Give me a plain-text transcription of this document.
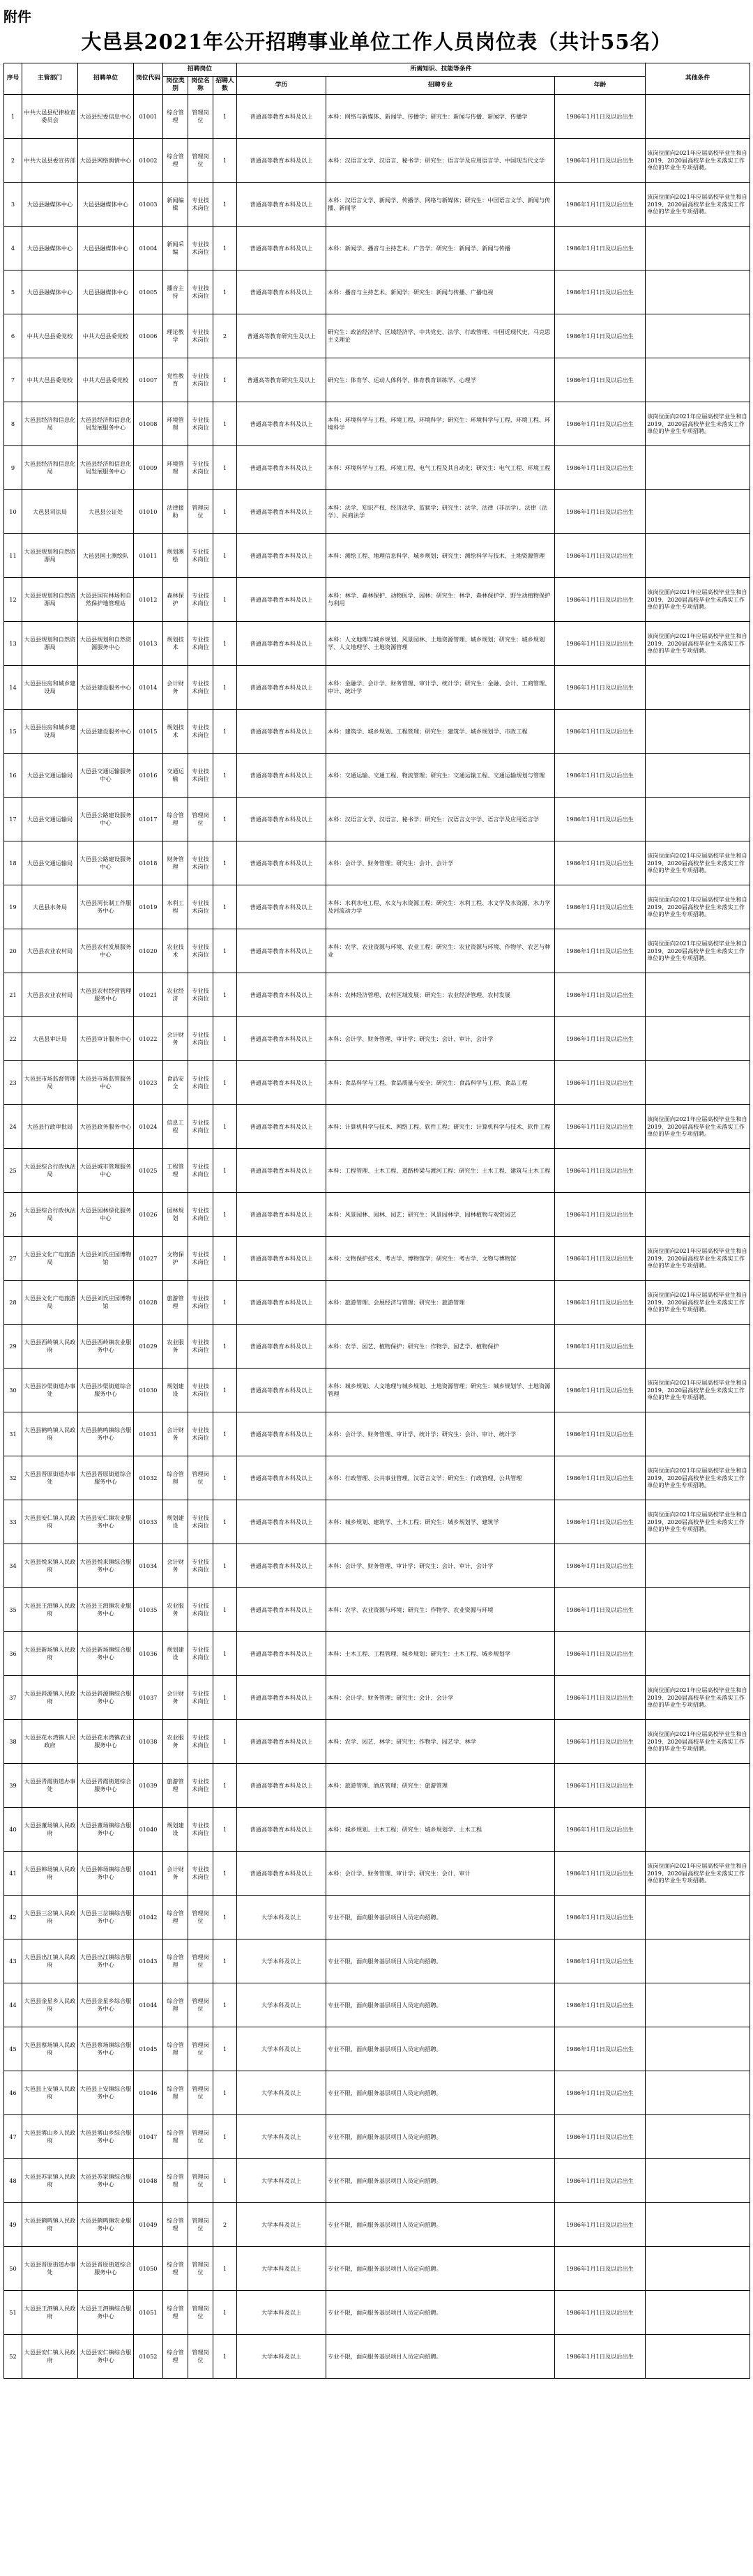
附件
大邑县2021年公开招聘事业单位工作人员岗位表（共计55名）
序号	主管部门	招聘单位	岗位代码	招聘岗位			所需知识、技能等条件			其他条件
				岗位类别	岗位名称	招聘人数	学历	招聘专业	年龄	
1	中共大邑县纪律检查委员会	大邑县纪委信息中心	01001	综合管理	管理岗位	1	普通高等教育本科及以上	本科：网络与新媒体、新闻学、传播学；研究生：新闻与传播、新闻学、传播学	1986年1月1日及以后出生	
2	中共大邑县委宣传部	大邑县网络舆情中心	01002	综合管理	管理岗位	1	普通高等教育本科及以上	本科：汉语言文学、汉语言、秘书学；研究生：语言学及应用语言学、中国现当代文学	1986年1月1日及以后出生	该岗位面向2021年应届高校毕业生和自2019、2020届高校毕业生未落实工作单位的毕业生专项招聘。
3	大邑县融媒体中心	大邑县融媒体中心	01003	新闻编辑	专业技术岗位	1	普通高等教育本科及以上	本科：汉语言文学、新闻学、传播学、网络与新媒体；研究生：中国语言文学、新闻与传播、新闻学	1986年1月1日及以后出生	该岗位面向2021年应届高校毕业生和自2019、2020届高校毕业生未落实工作单位的毕业生专项招聘。
4	大邑县融媒体中心	大邑县融媒体中心	01004	新闻采编	专业技术岗位	1	普通高等教育本科及以上	本科：新闻学、播音与主持艺术、广告学；研究生：新闻学、新闻与传播	1986年1月1日及以后出生	
5	大邑县融媒体中心	大邑县融媒体中心	01005	播音主持	专业技术岗位	1	普通高等教育本科及以上	本科：播音与主持艺术、新闻学；研究生：新闻与传播、广播电视	1986年1月1日及以后出生	
6	中共大邑县委党校	中共大邑县委党校	01006	理论教学	专业技术岗位	2	普通高等教育研究生及以上	研究生：政治经济学、区域经济学、中共党史、法学、行政管理、中国近现代史、马克思主义理论	1986年1月1日及以后出生	
7	中共大邑县委党校	中共大邑县委党校	01007	党性教育	专业技术岗位	1	普通高等教育研究生及以上	研究生：体育学、运动人体科学、体育教育训练学、心理学	1986年1月1日及以后出生	
8	大邑县经济和信息化局	大邑县经济和信息化局发展服务中心	01008	环境管理	专业技术岗位	1	普通高等教育本科及以上	本科：环境科学与工程、环境工程、环境科学；研究生：环境科学与工程、环境工程、环境科学	1986年1月1日及以后出生	该岗位面向2021年应届高校毕业生和自2019、2020届高校毕业生未落实工作单位的毕业生专项招聘。
9	大邑县经济和信息化局	大邑县经济和信息化局发展服务中心	01009	环境管理	专业技术岗位	1	普通高等教育本科及以上	本科：环境科学与工程、环境工程、电气工程及其自动化；研究生：电气工程、环境工程	1986年1月1日及以后出生	
10	大邑县司法局	大邑县公证处	01010	法律援助	管理岗位	1	普通高等教育本科及以上	本科：法学、知识产权、经济法学、监狱学；研究生：法学、法律（非法学）、法律（法学）、民商法学	1986年1月1日及以后出生	
11	大邑县规划和自然资源局	大邑县国土测绘队	01011	规划测绘	专业技术岗位	1	普通高等教育本科及以上	本科：测绘工程、地理信息科学、城乡规划；研究生：测绘科学与技术、土地资源管理	1986年1月1日及以后出生	
12	大邑县规划和自然资源局	大邑县国有林场和自然保护地管理站	01012	森林保护	专业技术岗位	1	普通高等教育本科及以上	本科：林学、森林保护、动物医学、园林；研究生：林学、森林保护学、野生动植物保护与利用	1986年1月1日及以后出生	该岗位面向2021年应届高校毕业生和自2019、2020届高校毕业生未落实工作单位的毕业生专项招聘。
13	大邑县规划和自然资源局	大邑县规划和自然资源服务中心	01013	规划技术	专业技术岗位	1	普通高等教育本科及以上	本科：人文地理与城乡规划、风景园林、土地资源管理、城乡规划；研究生：城乡规划学、人文地理学、土地资源管理	1986年1月1日及以后出生	该岗位面向2021年应届高校毕业生和自2019、2020届高校毕业生未落实工作单位的毕业生专项招聘。
14	大邑县住房和城乡建设局	大邑县建设服务中心	01014	会计财务	专业技术岗位	1	普通高等教育本科及以上	本科：金融学、会计学、财务管理、审计学、统计学；研究生：金融、会计、工商管理、审计、统计学	1986年1月1日及以后出生	
15	大邑县住房和城乡建设局	大邑县建设服务中心	01015	规划技术	专业技术岗位	1	普通高等教育本科及以上	本科：建筑学、城乡规划、工程管理；研究生：建筑学、城乡规划学、市政工程	1986年1月1日及以后出生	
16	大邑县交通运输局	大邑县交通运输服务中心	01016	交通运输	专业技术岗位	1	普通高等教育本科及以上	本科：交通运输、交通工程、物流管理；研究生：交通运输工程、交通运输规划与管理	1986年1月1日及以后出生	
17	大邑县交通运输局	大邑县公路建设服务中心	01017	综合管理	管理岗位	1	普通高等教育本科及以上	本科：汉语言文学、汉语言、秘书学；研究生：汉语言文字学、语言学及应用语言学	1986年1月1日及以后出生	
18	大邑县交通运输局	大邑县公路建设服务中心	01018	财务管理	专业技术岗位	1	普通高等教育本科及以上	本科：会计学、财务管理；研究生：会计、会计学	1986年1月1日及以后出生	该岗位面向2021年应届高校毕业生和自2019、2020届高校毕业生未落实工作单位的毕业生专项招聘。
19	大邑县水务局	大邑县河长制工作服务中心	01019	水利工程	专业技术岗位	1	普通高等教育本科及以上	本科：水利水电工程、水文与水资源工程；研究生：水利工程、水文学及水资源、水力学及河流动力学	1986年1月1日及以后出生	该岗位面向2021年应届高校毕业生和自2019、2020届高校毕业生未落实工作单位的毕业生专项招聘。
20	大邑县农业农村局	大邑县农村发展服务中心	01020	农业技术	专业技术岗位	1	普通高等教育本科及以上	本科：农学、农业资源与环境、农业工程；研究生：农业资源与环境、作物学、农艺与种业	1986年1月1日及以后出生	该岗位面向2021年应届高校毕业生和自2019、2020届高校毕业生未落实工作单位的毕业生专项招聘。
21	大邑县农业农村局	大邑县农村经营管理服务中心	01021	农业经济	专业技术岗位	1	普通高等教育本科及以上	本科：农林经济管理、农村区域发展；研究生：农业经济管理、农村发展	1986年1月1日及以后出生	
22	大邑县审计局	大邑县审计服务中心	01022	会计财务	专业技术岗位	1	普通高等教育本科及以上	本科：会计学、财务管理、审计学；研究生：会计、审计、会计学	1986年1月1日及以后出生	
23	大邑县市场监督管理局	大邑县市场监管服务中心	01023	食品安全	专业技术岗位	1	普通高等教育本科及以上	本科：食品科学与工程、食品质量与安全；研究生：食品科学与工程、食品工程	1986年1月1日及以后出生	
24	大邑县行政审批局	大邑县政务服务中心	01024	信息工程	专业技术岗位	1	普通高等教育本科及以上	本科：计算机科学与技术、网络工程、软件工程；研究生：计算机科学与技术、软件工程	1986年1月1日及以后出生	该岗位面向2021年应届高校毕业生和自2019、2020届高校毕业生未落实工作单位的毕业生专项招聘。
25	大邑县综合行政执法局	大邑县城市管理服务中心	01025	工程管理	专业技术岗位	1	普通高等教育本科及以上	本科：工程管理、土木工程、道路桥梁与渡河工程；研究生：土木工程、建筑与土木工程	1986年1月1日及以后出生	
26	大邑县综合行政执法局	大邑县园林绿化服务中心	01026	园林规划	专业技术岗位	1	普通高等教育本科及以上	本科：风景园林、园林、园艺；研究生：风景园林学、园林植物与观赏园艺	1986年1月1日及以后出生	
27	大邑县文化广电旅游局	大邑县刘氏庄园博物馆	01027	文物保护	专业技术岗位	1	普通高等教育本科及以上	本科：文物保护技术、考古学、博物馆学；研究生：考古学、文物与博物馆	1986年1月1日及以后出生	该岗位面向2021年应届高校毕业生和自2019、2020届高校毕业生未落实工作单位的毕业生专项招聘。
28	大邑县文化广电旅游局	大邑县刘氏庄园博物馆	01028	旅游管理	专业技术岗位	1	普通高等教育本科及以上	本科：旅游管理、会展经济与管理；研究生：旅游管理	1986年1月1日及以后出生	该岗位面向2021年应届高校毕业生和自2019、2020届高校毕业生未落实工作单位的毕业生专项招聘。
29	大邑县西岭镇人民政府	大邑县西岭镇农业服务中心	01029	农业服务	专业技术岗位	1	普通高等教育本科及以上	本科：农学、园艺、植物保护；研究生：作物学、园艺学、植物保护	1986年1月1日及以后出生	
30	大邑县沙渠街道办事处	大邑县沙渠街道综合服务中心	01030	规划建设	专业技术岗位	1	普通高等教育本科及以上	本科：城乡规划、人文地理与城乡规划、土地资源管理；研究生：城乡规划学、土地资源管理	1986年1月1日及以后出生	该岗位面向2021年应届高校毕业生和自2019、2020届高校毕业生未落实工作单位的毕业生专项招聘。
31	大邑县鹤鸣镇人民政府	大邑县鹤鸣镇综合服务中心	01031	会计财务	专业技术岗位	1	普通高等教育本科及以上	本科：会计学、财务管理、审计学、统计学；研究生：会计、审计、统计学	1986年1月1日及以后出生	
32	大邑县晋原街道办事处	大邑县晋原街道综合服务中心	01032	综合管理	管理岗位	1	普通高等教育本科及以上	本科：行政管理、公共事业管理、汉语言文学；研究生：行政管理、公共管理	1986年1月1日及以后出生	该岗位面向2021年应届高校毕业生和自2019、2020届高校毕业生未落实工作单位的毕业生专项招聘。
33	大邑县安仁镇人民政府	大邑县安仁镇农业服务中心	01033	规划建设	专业技术岗位	1	普通高等教育本科及以上	本科：城乡规划、建筑学、土木工程；研究生：城乡规划学、建筑学	1986年1月1日及以后出生	该岗位面向2021年应届高校毕业生和自2019、2020届高校毕业生未落实工作单位的毕业生专项招聘。
34	大邑县悦来镇人民政府	大邑县悦来镇综合服务中心	01034	会计财务	专业技术岗位	1	普通高等教育本科及以上	本科：会计学、财务管理、审计学；研究生：会计、审计、会计学	1986年1月1日及以后出生	
35	大邑县王泗镇人民政府	大邑县王泗镇农业服务中心	01035	农业服务	专业技术岗位	1	普通高等教育本科及以上	本科：农学、农业资源与环境；研究生：作物学、农业资源与环境	1986年1月1日及以后出生	
36	大邑县新场镇人民政府	大邑县新场镇综合服务中心	01036	规划建设	专业技术岗位	1	普通高等教育本科及以上	本科：土木工程、工程管理、城乡规划；研究生：土木工程、城乡规划学	1986年1月1日及以后出生	
37	大邑县斜源镇人民政府	大邑县斜源镇综合服务中心	01037	会计财务	专业技术岗位	1	普通高等教育本科及以上	本科：会计学、财务管理；研究生：会计、会计学	1986年1月1日及以后出生	该岗位面向2021年应届高校毕业生和自2019、2020届高校毕业生未落实工作单位的毕业生专项招聘。
38	大邑县花水湾镇人民政府	大邑县花水湾镇农业服务中心	01038	农业服务	专业技术岗位	1	普通高等教育本科及以上	本科：农学、园艺、林学；研究生：作物学、园艺学、林学	1986年1月1日及以后出生	该岗位面向2021年应届高校毕业生和自2019、2020届高校毕业生未落实工作单位的毕业生专项招聘。
39	大邑县青霞街道办事处	大邑县青霞街道综合服务中心	01039	旅游管理	专业技术岗位	1	普通高等教育本科及以上	本科：旅游管理、酒店管理；研究生：旅游管理	1986年1月1日及以后出生	
40	大邑县董场镇人民政府	大邑县董场镇综合服务中心	01040	规划建设	专业技术岗位	1	普通高等教育本科及以上	本科：城乡规划、土木工程；研究生：城乡规划学、土木工程	1986年1月1日及以后出生	
41	大邑县韩场镇人民政府	大邑县韩场镇综合服务中心	01041	会计财务	专业技术岗位	1	普通高等教育本科及以上	本科：会计学、财务管理、审计学；研究生：会计、审计	1986年1月1日及以后出生	该岗位面向2021年应届高校毕业生和自2019、2020届高校毕业生未落实工作单位的毕业生专项招聘。
42	大邑县三岔镇人民政府	大邑县三岔镇综合服务中心	01042	综合管理	管理岗位	1	大学本科及以上	专业不限，面向服务基层项目人员定向招聘。	1986年1月1日及以后出生	
43	大邑县出江镇人民政府	大邑县出江镇综合服务中心	01043	综合管理	管理岗位	1	大学本科及以上	专业不限，面向服务基层项目人员定向招聘。	1986年1月1日及以后出生	
44	大邑县金星乡人民政府	大邑县金星乡综合服务中心	01044	综合管理	管理岗位	1	大学本科及以上	专业不限，面向服务基层项目人员定向招聘。	1986年1月1日及以后出生	
45	大邑县蔡场镇人民政府	大邑县蔡场镇综合服务中心	01045	综合管理	管理岗位	1	大学本科及以上	专业不限，面向服务基层项目人员定向招聘。	1986年1月1日及以后出生	
46	大邑县上安镇人民政府	大邑县上安镇综合服务中心	01046	综合管理	管理岗位	1	大学本科及以上	专业不限，面向服务基层项目人员定向招聘。	1986年1月1日及以后出生	
47	大邑县雾山乡人民政府	大邑县雾山乡综合服务中心	01047	综合管理	管理岗位	1	大学本科及以上	专业不限，面向服务基层项目人员定向招聘。	1986年1月1日及以后出生	
48	大邑县苏家镇人民政府	大邑县苏家镇综合服务中心	01048	综合管理	管理岗位	1	大学本科及以上	专业不限，面向服务基层项目人员定向招聘。	1986年1月1日及以后出生	
49	大邑县鹤鸣镇人民政府	大邑县鹤鸣镇农业服务中心	01049	综合管理	管理岗位	2	大学本科及以上	专业不限，面向服务基层项目人员定向招聘。	1986年1月1日及以后出生	
50	大邑县晋原街道办事处	大邑县晋原街道综合服务中心	01050	综合管理	管理岗位	1	大学本科及以上	专业不限，面向服务基层项目人员定向招聘。	1986年1月1日及以后出生	
51	大邑县王泗镇人民政府	大邑县王泗镇综合服务中心	01051	综合管理	管理岗位	1	大学本科及以上	专业不限，面向服务基层项目人员定向招聘。	1986年1月1日及以后出生	
52	大邑县安仁镇人民政府	大邑县安仁镇综合服务中心	01052	综合管理	管理岗位	1	大学本科及以上	专业不限，面向服务基层项目人员定向招聘。	1986年1月1日及以后出生	
